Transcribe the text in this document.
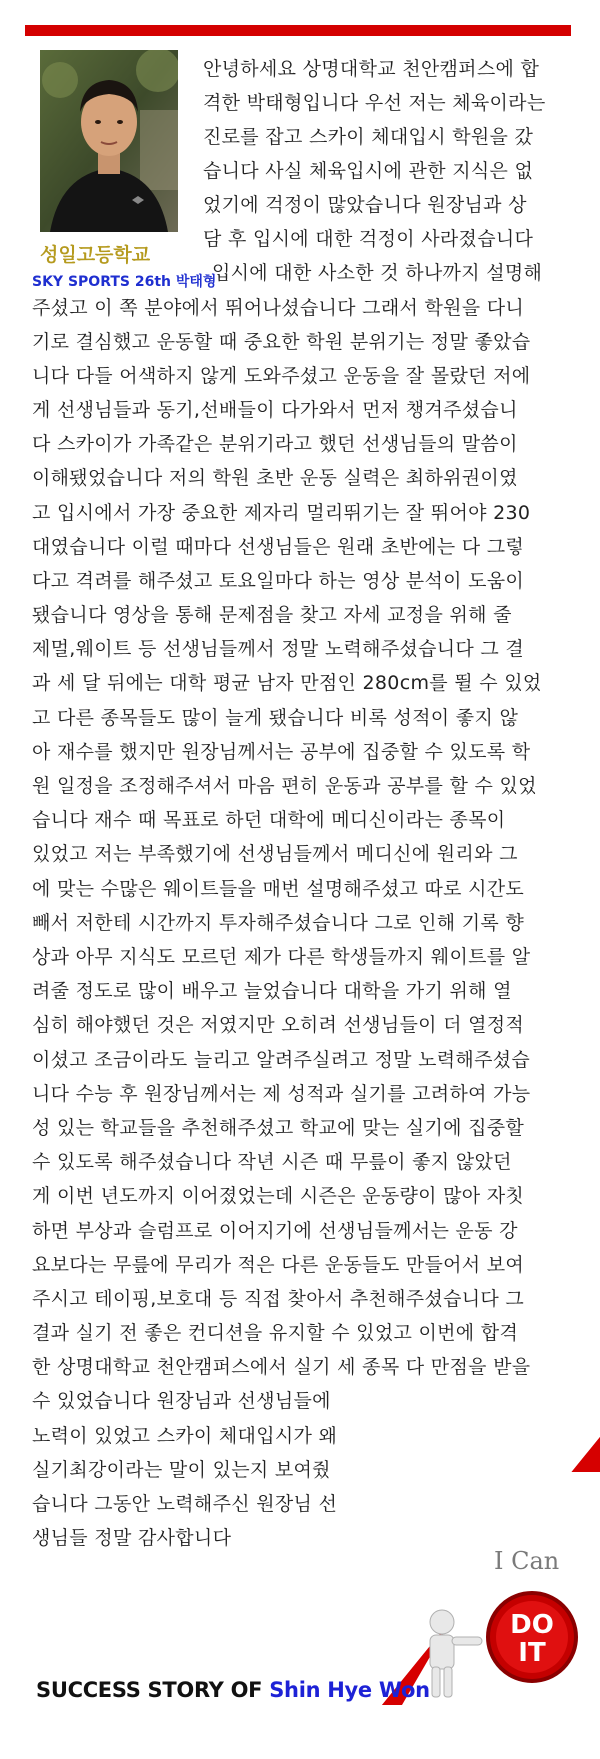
성일고등학교
SKY SPORTS 26th 박태형
안녕하세요 상명대학교 천안캠퍼스에 합
격한 박태형입니다 우선 저는 체육이라는
진로를 잡고 스카이 체대입시 학원을 갔
습니다 사실 체육입시에 관한 지식은 없
었기에 걱정이 많았습니다 원장님과 상
담 후 입시에 대한 걱정이 사라졌습니다
입시에 대한 사소한 것 하나까지 설명해
주셨고 이 쪽 분야에서 뛰어나셨습니다 그래서 학원을 다니
기로 결심했고 운동할 때 중요한 학원 분위기는 정말 좋았습
니다 다들 어색하지 않게 도와주셨고 운동을 잘 몰랐던 저에
게 선생님들과 동기,선배들이 다가와서 먼저 챙겨주셨습니
다 스카이가 가족같은 분위기라고 했던 선생님들의 말씀이
이해됐었습니다 저의 학원 초반 운동 실력은 최하위권이였
고 입시에서 가장 중요한 제자리 멀리뛰기는 잘 뛰어야 230
대였습니다 이럴 때마다 선생님들은 원래 초반에는 다 그렇
다고 격려를 해주셨고 토요일마다 하는 영상 분석이 도움이
됐습니다 영상을 통해 문제점을 찾고 자세 교정을 위해 줄
제멀,웨이트 등 선생님들께서 정말 노력해주셨습니다 그 결
과 세 달 뒤에는 대학 평균 남자 만점인 280cm를 뛸 수 있었
고 다른 종목들도 많이 늘게 됐습니다 비록 성적이 좋지 않
아 재수를 했지만 원장님께서는 공부에 집중할 수 있도록 학
원 일정을 조정해주셔서 마음 편히 운동과 공부를 할 수 있었
습니다 재수 때 목표로 하던 대학에 메디신이라는 종목이
있었고 저는 부족했기에 선생님들께서 메디신에 원리와 그
에 맞는 수많은 웨이트들을 매번 설명해주셨고 따로 시간도
빼서 저한테 시간까지 투자해주셨습니다 그로 인해 기록 향
상과 아무 지식도 모르던 제가 다른 학생들까지 웨이트를 알
려줄 정도로 많이 배우고 늘었습니다 대학을 가기 위해 열
심히 해야했던 것은 저였지만 오히려 선생님들이 더 열정적
이셨고 조금이라도 늘리고 알려주실려고 정말 노력해주셨습
니다 수능 후 원장님께서는 제 성적과 실기를 고려하여 가능
성 있는 학교들을 추천해주셨고 학교에 맞는 실기에 집중할
수 있도록 해주셨습니다 작년 시즌 때 무릎이 좋지 않았던
게 이번 년도까지 이어졌었는데 시즌은 운동량이 많아 자칫
하면 부상과 슬럼프로 이어지기에 선생님들께서는 운동 강
요보다는 무릎에 무리가 적은 다른 운동들도 만들어서 보여
주시고 테이핑,보호대 등 직접 찾아서 추천해주셨습니다 그
결과 실기 전 좋은 컨디션을 유지할 수 있었고 이번에 합격
한 상명대학교 천안캠퍼스에서 실기 세 종목 다 만점을 받을
수 있었습니다 원장님과 선생님들에
노력이 있었고 스카이 체대입시가 왜
실기최강이라는 말이 있는지 보여줬
습니다 그동안 노력해주신 원장님 선
생님들 정말 감사합니다
I Can
DO
IT
SUCCESS STORY OF Shin Hye Won
